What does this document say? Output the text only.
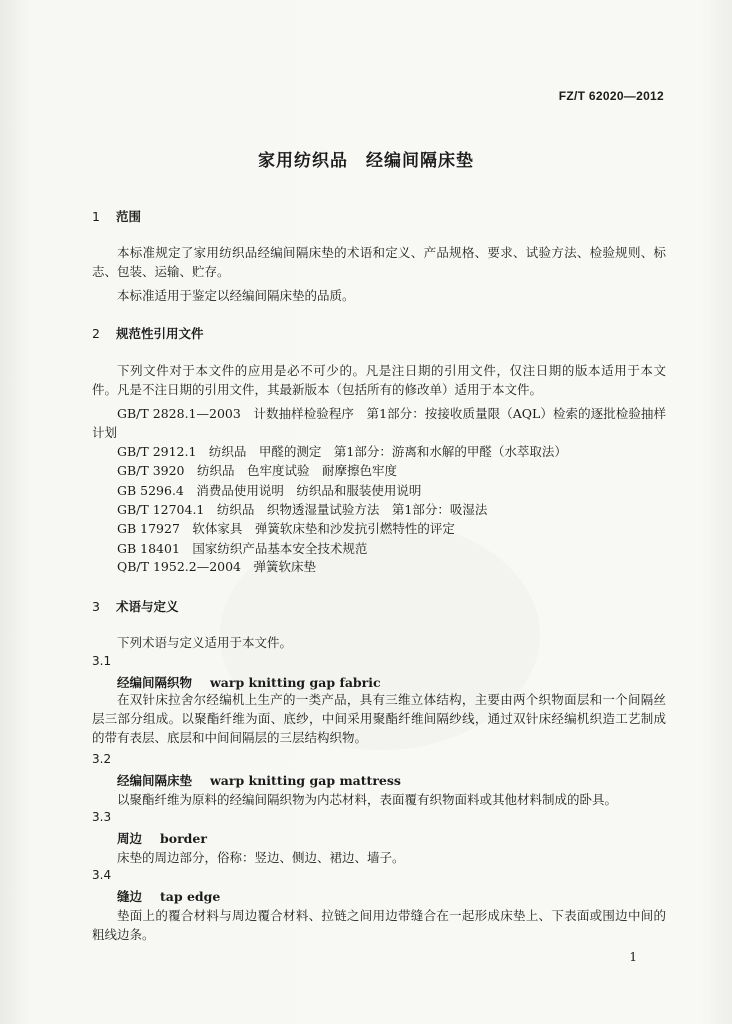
FZ/T 62020—2012
家用纺织品　经编间隔床垫
1 范围
本标准规定了家用纺织品经编间隔床垫的术语和定义、产品规格、要求、试验方法、检验规则、标志、包装、运输、贮存。
本标准适用于鉴定以经编间隔床垫的品质。
2 规范性引用文件
下列文件对于本文件的应用是必不可少的。凡是注日期的引用文件，仅注日期的版本适用于本文件。凡是不注日期的引用文件，其最新版本（包括所有的修改单）适用于本文件。
GB/T 2828.1—2003　计数抽样检验程序　第1部分：按接收质量限（AQL）检索的逐批检验抽样计划
GB/T 2912.1　纺织品　甲醛的测定　第1部分：游离和水解的甲醛（水萃取法）
GB/T 3920　纺织品　色牢度试验　耐摩擦色牢度
GB 5296.4　消费品使用说明　纺织品和服装使用说明
GB/T 12704.1　纺织品　织物透湿量试验方法　第1部分：吸湿法
GB 17927　软体家具　弹簧软床垫和沙发抗引燃特性的评定
GB 18401　国家纺织产品基本安全技术规范
QB/T 1952.2—2004　弹簧软床垫
3 术语与定义
下列术语与定义适用于本文件。
3.1
经编间隔织物 warp knitting gap fabric
在双针床拉舍尔经编机上生产的一类产品，具有三维立体结构，主要由两个织物面层和一个间隔丝层三部分组成。以聚酯纤维为面、底纱，中间采用聚酯纤维间隔纱线，通过双针床经编机织造工艺制成的带有表层、底层和中间间隔层的三层结构织物。
3.2
经编间隔床垫 warp knitting gap mattress
以聚酯纤维为原料的经编间隔织物为内芯材料，表面覆有织物面料或其他材料制成的卧具。
3.3
周边 border
床垫的周边部分，俗称：竖边、侧边、裙边、墙子。
3.4
缝边 tap edge
垫面上的覆合材料与周边覆合材料、拉链之间用边带缝合在一起形成床垫上、下表面或围边中间的粗线边条。
1
